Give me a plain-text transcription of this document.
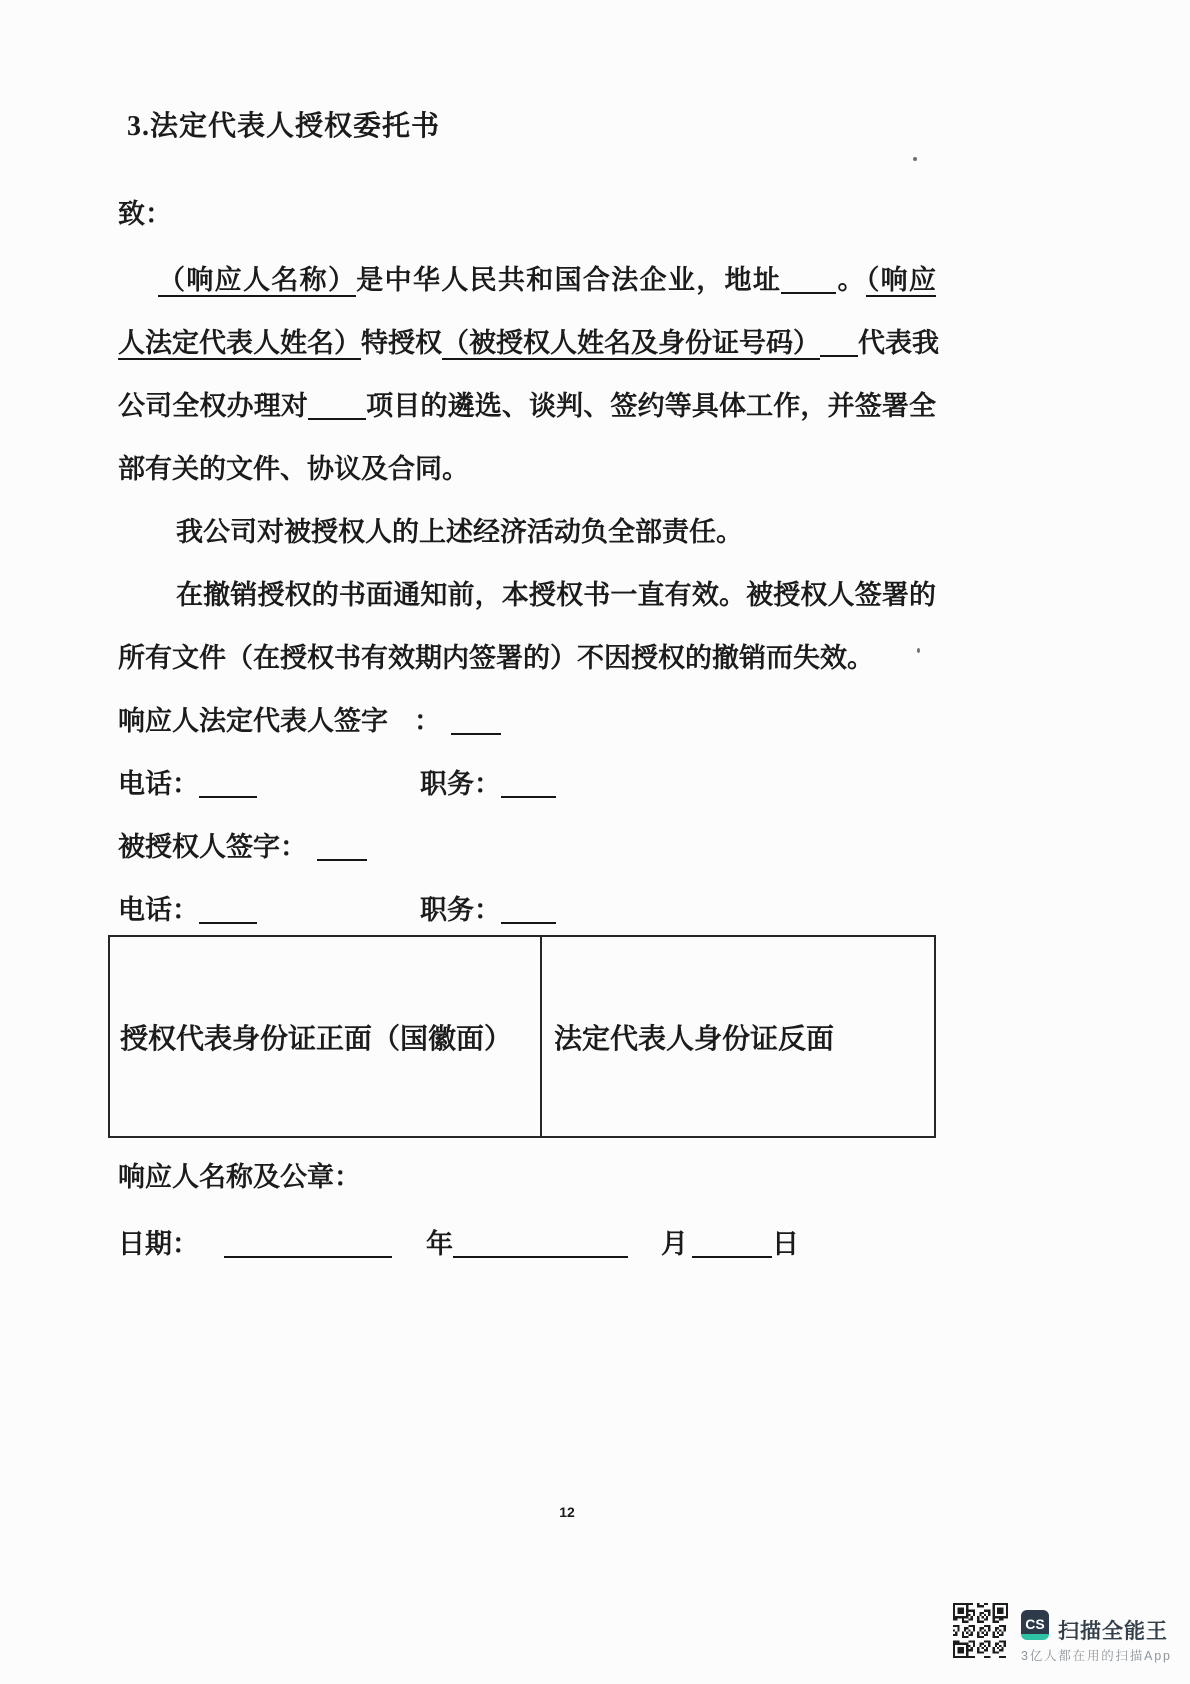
3.法定代表人授权委托书
致：
（响应人名称）是中华人民共和国合法企业，地址 。（响应
人法定代表人姓名）特授权（被授权人姓名及身份证号码） 代表我
公司全权办理对 项目的遴选、谈判、签约等具体工作，并签署全
部有关的文件、协议及合同。
我公司对被授权人的上述经济活动负全部责任。
在撤销授权的书面通知前，本授权书一直有效。被授权人签署的
所有文件（在授权书有效期内签署的）不因授权的撤销而失效。
响应人法定代表人签字 ：
电话：	职务：
被授权人签字：
电话：	职务：
授权代表身份证正面（国徽面） 法定代表人身份证反面
响应人名称及公章：
日期：	年	月	日
12
CS 扫描全能王
3亿人都在用的扫描App
